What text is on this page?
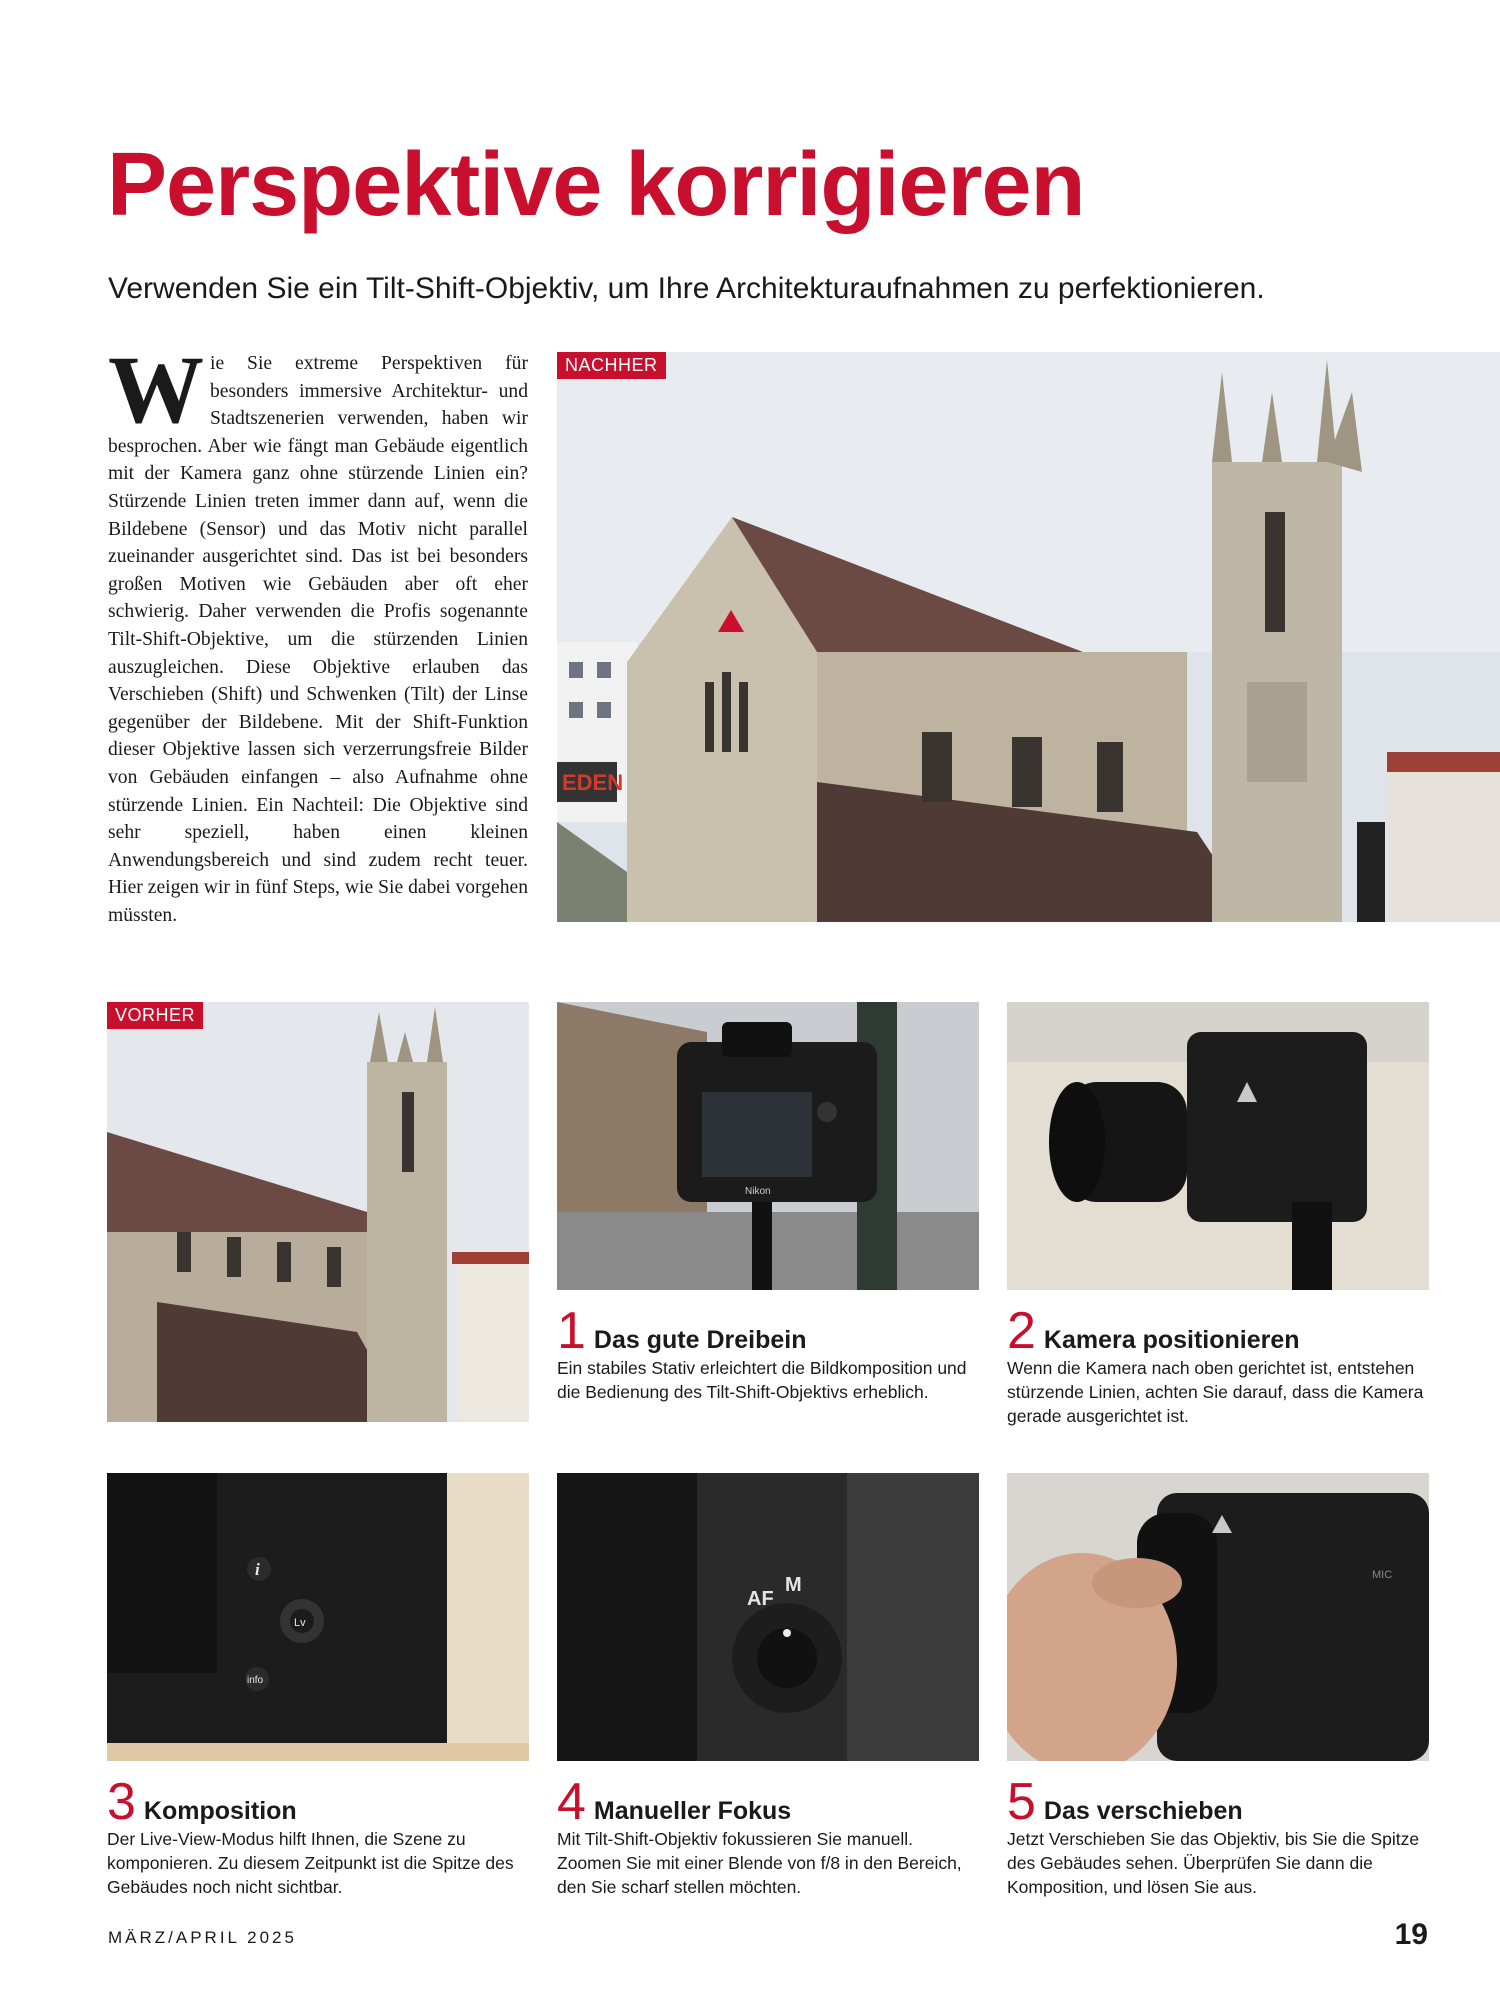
Perspektive korrigieren

Verwenden Sie ein Tilt-Shift-Objektiv, um Ihre Architekturaufnahmen zu perfektionieren.

Wie Sie extreme Perspektiven für besonders immersive Architektur- und Stadtszenerien verwenden, haben wir besprochen. Aber wie fängt man Gebäude eigentlich mit der Kamera ganz ohne stürzende Linien ein? Stürzende Linien treten immer dann auf, wenn die Bildebene (Sensor) und das Motiv nicht parallel zueinander ausgerichtet sind. Das ist bei besonders großen Motiven wie Gebäuden aber oft eher schwierig. Daher verwenden die Profis sogenannte Tilt-Shift-Objektive, um die stürzenden Linien auszugleichen. Diese Objektive erlauben das Verschieben (Shift) und Schwenken (Tilt) der Linse gegenüber der Bildebene. Mit der Shift-Funktion dieser Objektive lassen sich verzerrungsfreie Bilder von Gebäuden einfangen – also Aufnahme ohne stürzende Linien. Ein Nachteil: Die Objektive sind sehr speziell, haben einen kleinen Anwendungsbereich und sind zudem recht teuer. Hier zeigen wir in fünf Steps, wie Sie dabei vorgehen müssten.

EDEN
NACHHER
VORHER
Nikon
i
Lv
info
AF
M	MIC
1 Das gute Dreibein

Ein stabiles Stativ erleichtert die Bildkomposition und die Bedienung des Tilt-Shift-Objektivs erheblich.

2 Kamera positionieren

Wenn die Kamera nach oben gerichtet ist, entstehen stürzende Linien, achten Sie darauf, dass die Kamera gerade ausgerichtet ist.

3 Komposition

Der Live-View-Modus hilft Ihnen, die Szene zu komponieren. Zu diesem Zeitpunkt ist die Spitze des Gebäudes noch nicht sichtbar.

4 Manueller Fokus

Mit Tilt-Shift-Objektiv fokussieren Sie manuell. Zoomen Sie mit einer Blende von f/8 in den Bereich, den Sie scharf stellen möchten.

5 Das verschieben

Jetzt Verschieben Sie das Objektiv, bis Sie die Spitze des Gebäudes sehen. Überprüfen Sie dann die Komposition, und lösen Sie aus.

MÄRZ/APRIL 2025	19
